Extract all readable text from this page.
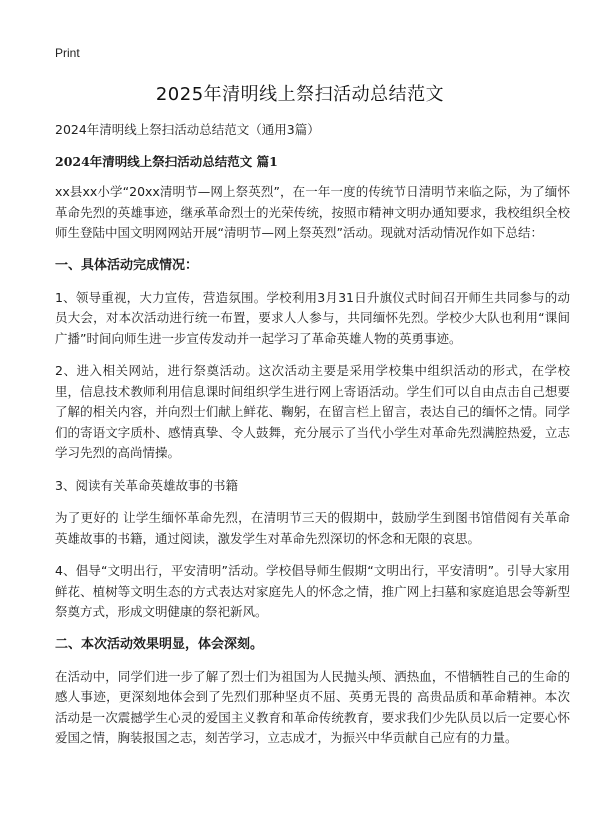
Print
2025年清明线上祭扫活动总结范文

2024年清明线上祭扫活动总结范文（通用3篇）

2024年清明线上祭扫活动总结范文 篇1

xx县xx小学“20xx清明节—网上祭英烈”，在一年一度的传统节日清明节来临之际，为了缅怀革命先烈的英雄事迹，继承革命烈士的光荣传统，按照市精神文明办通知要求，我校组织全校师生登陆中国文明网网站开展“清明节—网上祭英烈”活动。现就对活动情况作如下总结：

一、具体活动完成情况：

1、领导重视，大力宣传，营造氛围。学校利用3月31日升旗仪式时间召开师生共同参与的动员大会，对本次活动进行统一布置，要求人人参与，共同缅怀先烈。学校少大队也利用“课间广播”时间向师生进一步宣传发动并一起学习了革命英雄人物的英勇事迹。

2、进入相关网站，进行祭奠活动。这次活动主要是采用学校集中组织活动的形式，在学校里，信息技术教师利用信息课时间组织学生进行网上寄语活动。学生们可以自由点击自己想要了解的相关内容，并向烈士们献上鲜花、鞠躬，在留言栏上留言，表达自己的缅怀之情。同学们的寄语文字质朴、感情真挚、令人鼓舞，充分展示了当代小学生对革命先烈满腔热爱，立志学习先烈的高尚情操。

3、阅读有关革命英雄故事的书籍

为了更好的 让学生缅怀革命先烈，在清明节三天的假期中，鼓励学生到图书馆借阅有关革命英雄故事的书籍，通过阅读，激发学生对革命先烈深切的怀念和无限的哀思。

4、倡导“文明出行，平安清明”活动。学校倡导师生假期“文明出行，平安清明”。引导大家用鲜花、植树等文明生态的方式表达对家庭先人的怀念之情，推广网上扫墓和家庭追思会等新型祭奠方式，形成文明健康的祭祀新风。

二、本次活动效果明显，体会深刻。

在活动中，同学们进一步了解了烈士们为祖国为人民抛头颅、洒热血，不惜牺牲自己的生命的感人事迹，更深刻地体会到了先烈们那种坚贞不屈、英勇无畏的 高贵品质和革命精神。本次活动是一次震撼学生心灵的爱国主义教育和革命传统教育，要求我们少先队员以后一定要心怀爱国之情，胸装报国之志，刻苦学习，立志成才，为振兴中华贡献自己应有的力量。
